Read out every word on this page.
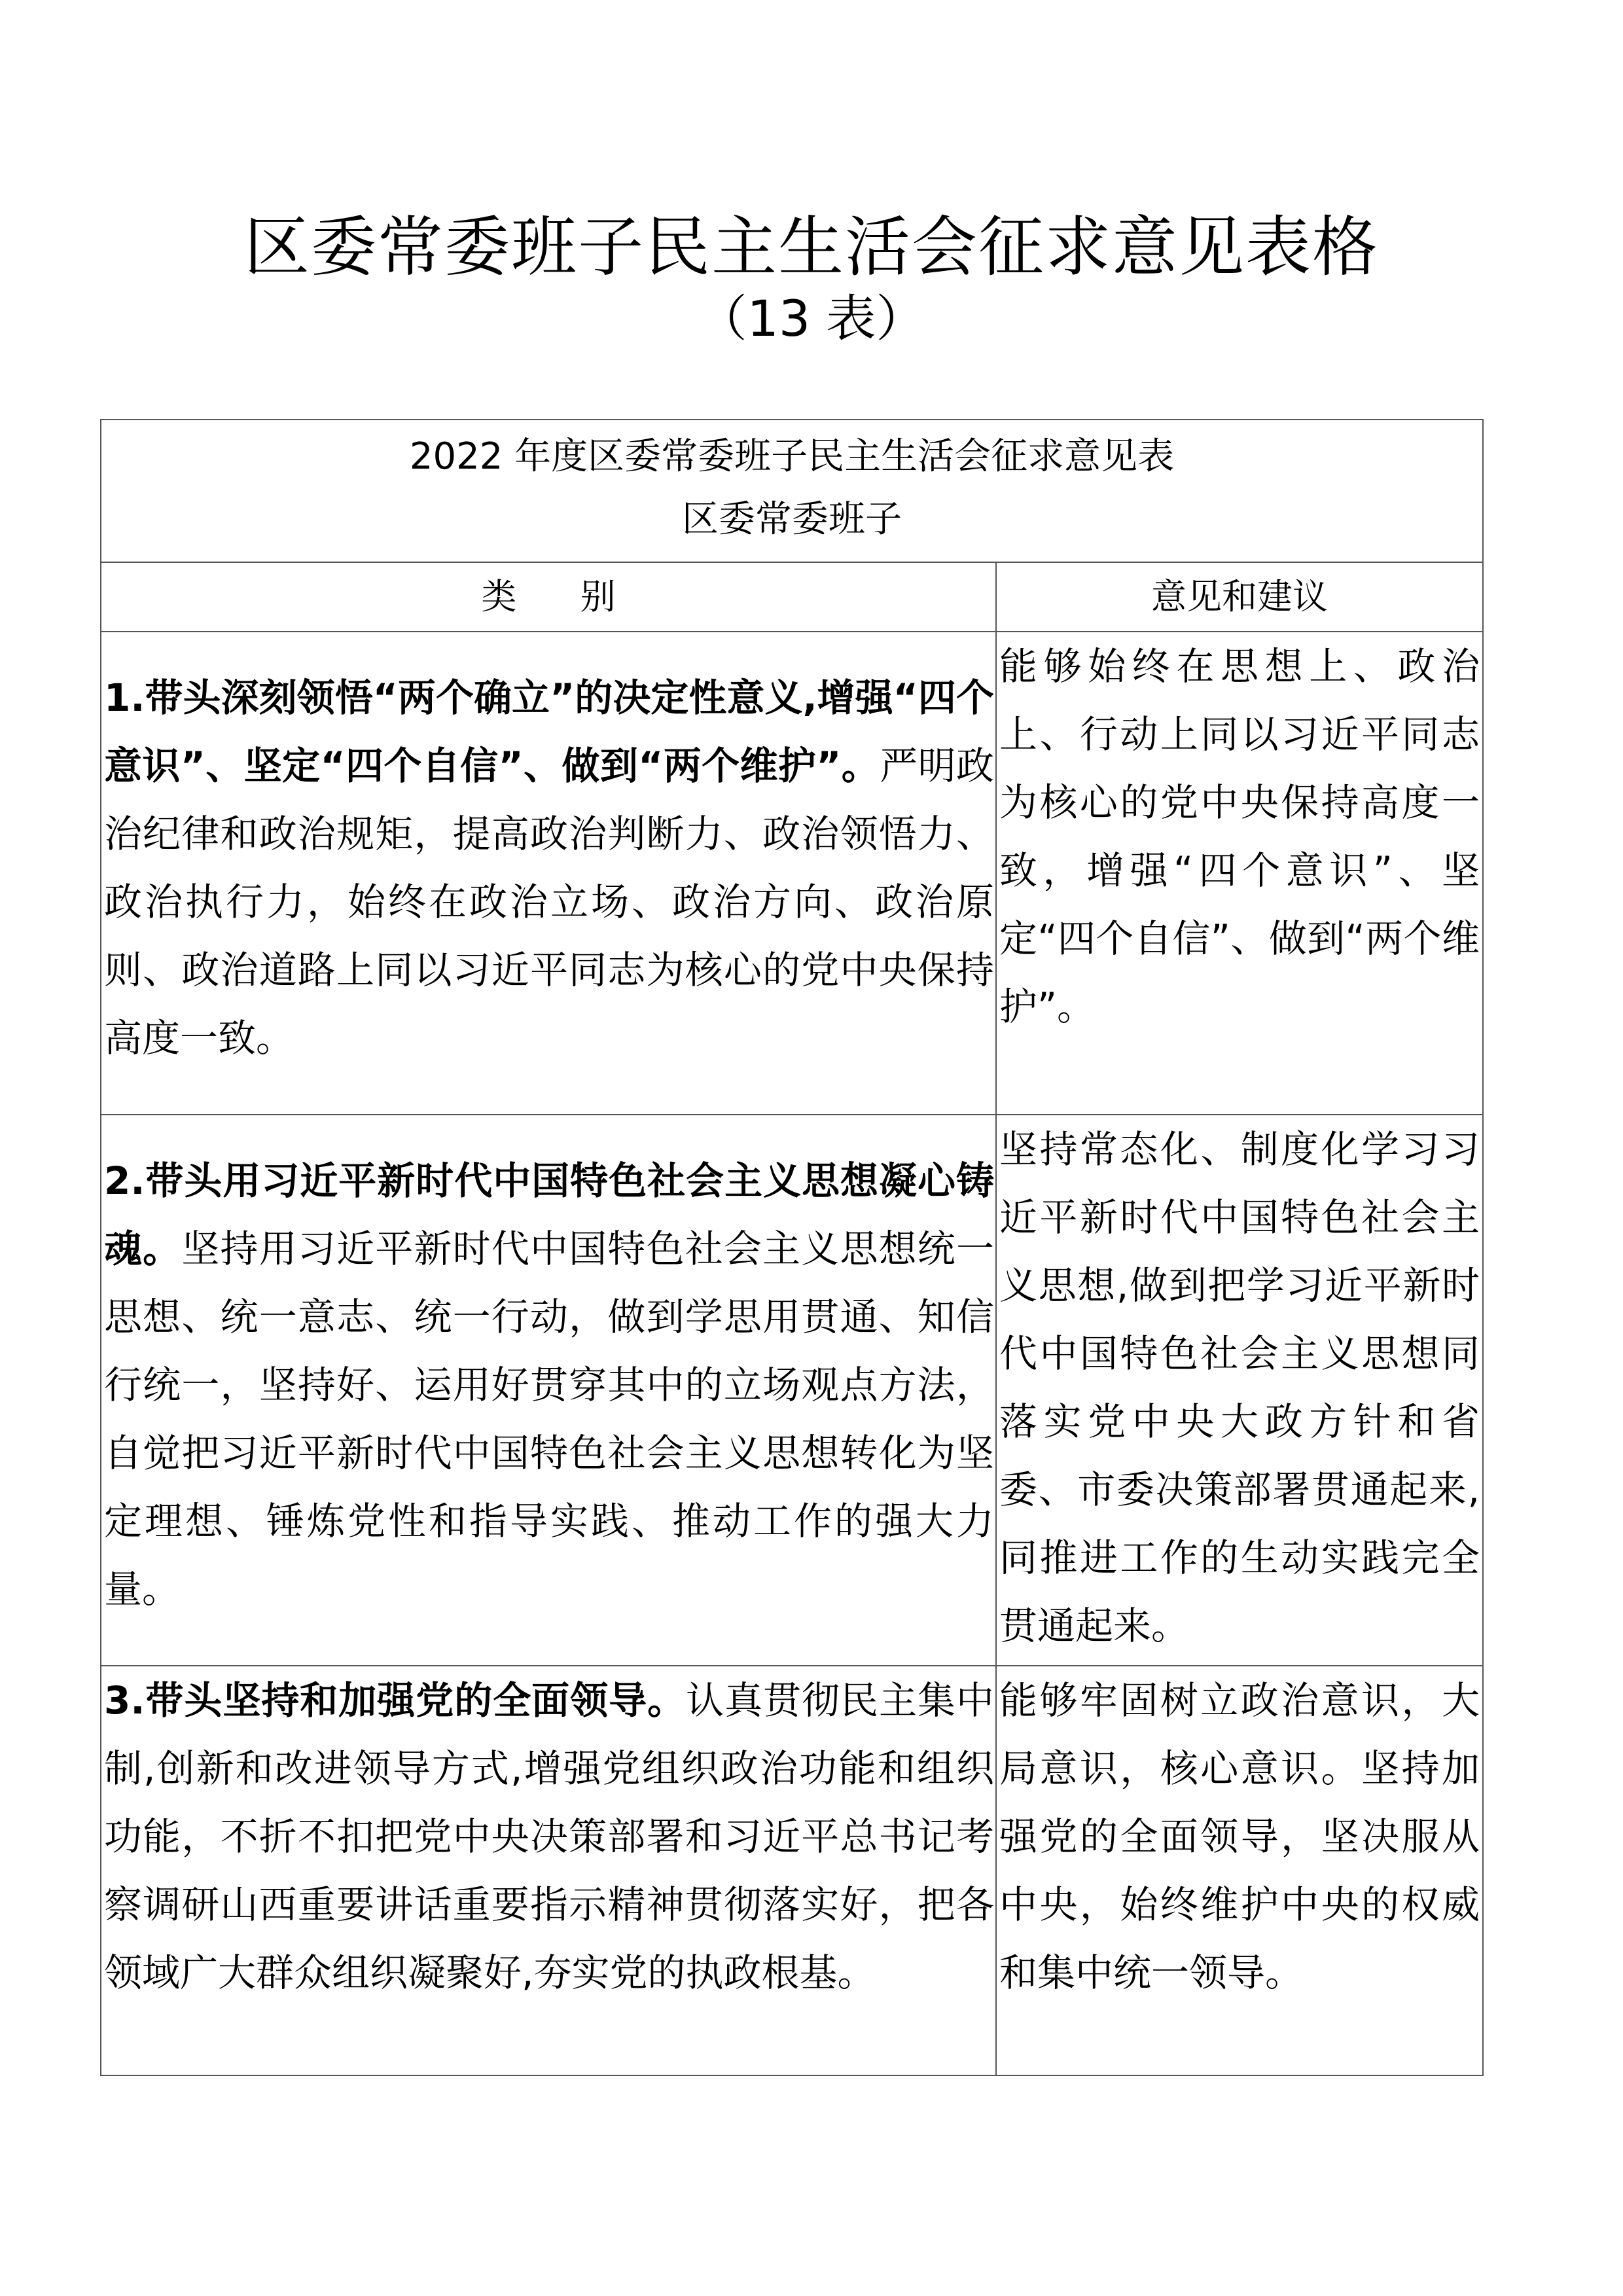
区委常委班子民主生活会征求意见表格
（13 表）
2022 年度区委常委班子民主生活会征求意见表
区委常委班子	

类 别	意见和建议
1.带头深刻领悟“两个确立”的决定性意义,增强“四个意识”、坚定“四个自信”、做到“两个维护”。严明政治纪律和政治规矩，提高政治判断力、政治领悟力、政治执行力，始终在政治立场、政治方向、政治原则、政治道路上同以习近平同志为核心的党中央保持高度一致。	能够始终在思想上、政治上、行动上同以习近平同志为核心的党中央保持高度一致，增强“四个意识”、坚定“四个自信”、做到“两个维护”。
2.带头用习近平新时代中国特色社会主义思想凝心铸魂。坚持用习近平新时代中国特色社会主义思想统一思想、统一意志、统一行动，做到学思用贯通、知信行统一，坚持好、运用好贯穿其中的立场观点方法，自觉把习近平新时代中国特色社会主义思想转化为坚定理想、锤炼党性和指导实践、推动工作的强大力量。	坚持常态化、制度化学习习近平新时代中国特色社会主义思想,做到把学习近平新时代中国特色社会主义思想同落实党中央大政方针和省委、市委决策部署贯通起来,同推进工作的生动实践完全贯通起来。
3.带头坚持和加强党的全面领导。认真贯彻民主集中制,创新和改进领导方式,增强党组织政治功能和组织功能，不折不扣把党中央决策部署和习近平总书记考察调研山西重要讲话重要指示精神贯彻落实好，把各领域广大群众组织凝聚好,夯实党的执政根基。	能够牢固树立政治意识，大局意识，核心意识。坚持加强党的全面领导，坚决服从中央，始终维护中央的权威和集中统一领导。
